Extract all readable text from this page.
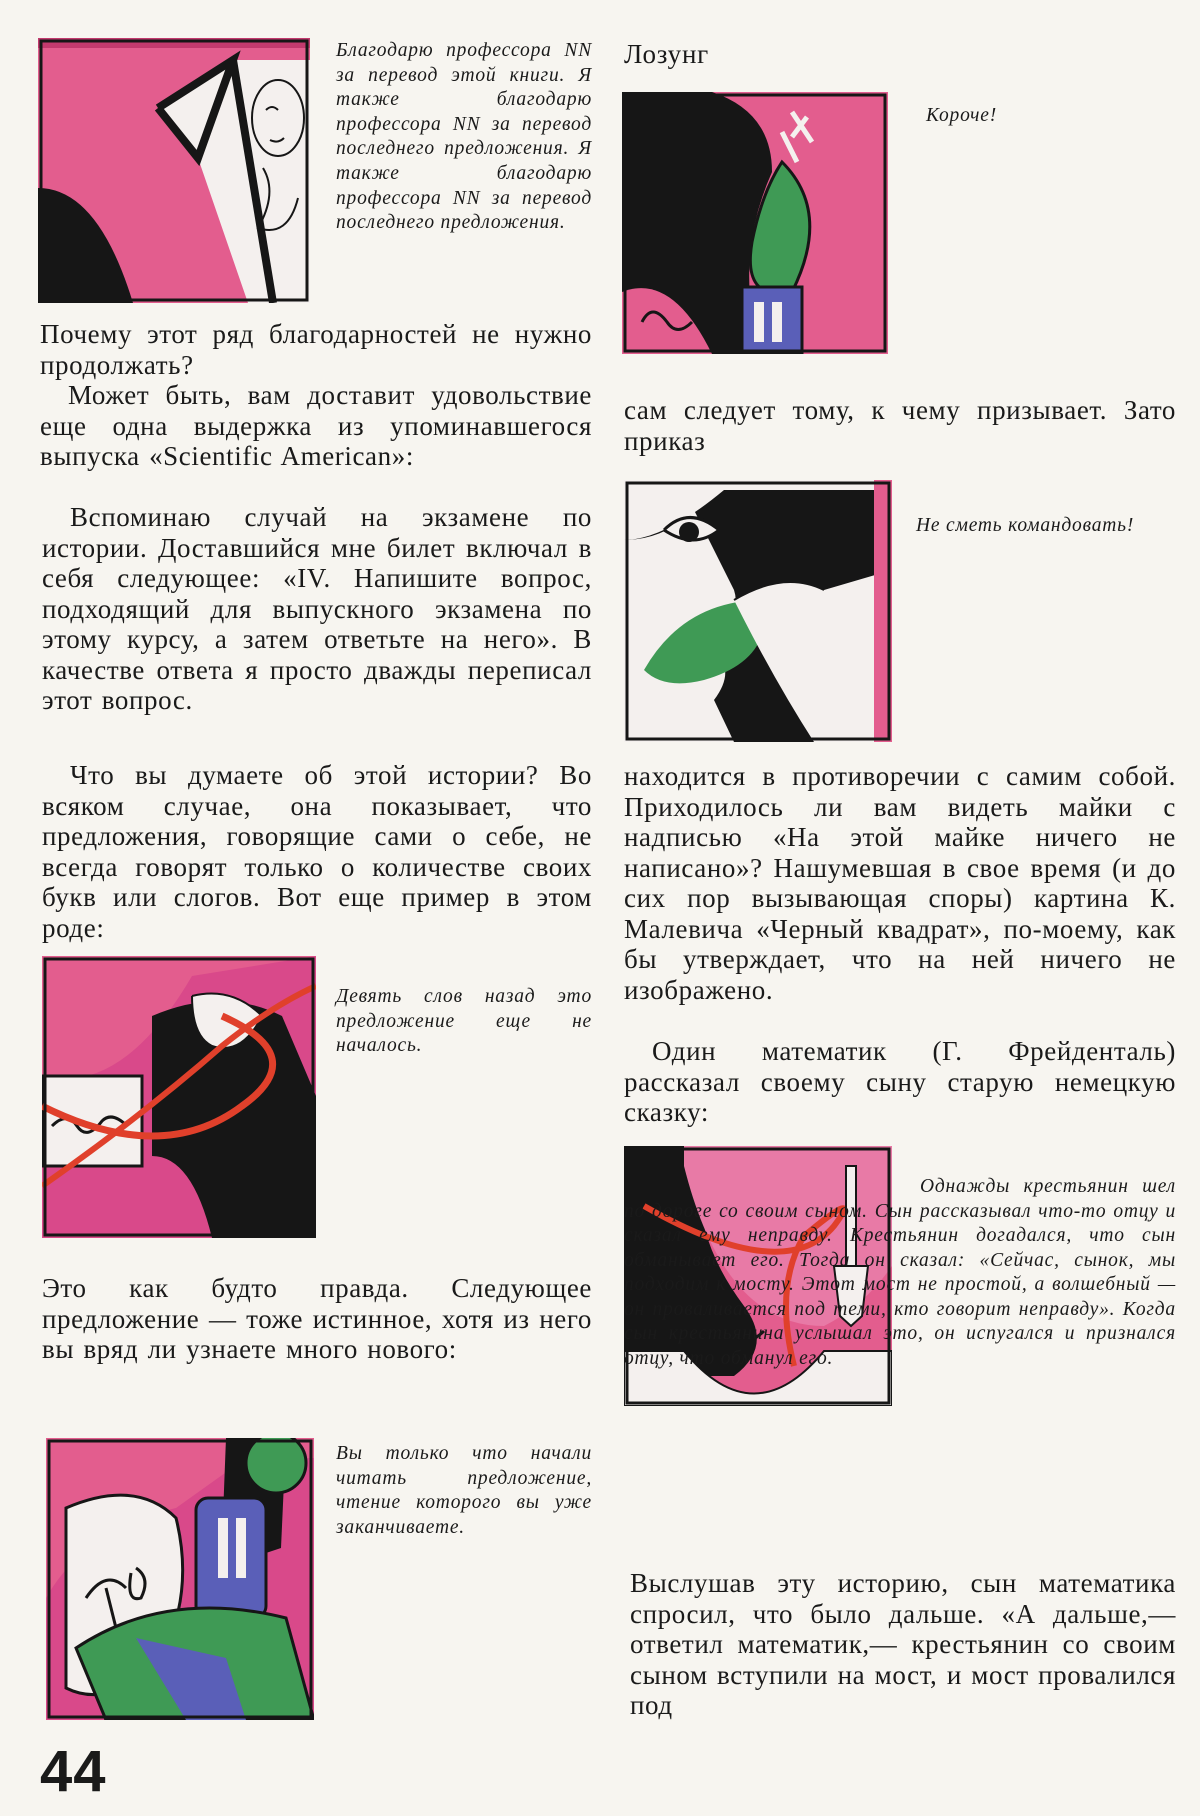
Благодарю профессора NN за перевод этой книги. Я также благодарю профессора NN за перевод последнего предложения. Я также благодарю профессора NN за перевод последнего предложения.
Почему этот ряд благодарностей не нужно продолжать?
Может быть, вам доставит удовольствие еще одна выдержка из упоминавшегося выпуска «Scientific American»:
Вспоминаю случай на экзамене по истории. Доставшийся мне билет включал в себя следующее: «IV. Напишите вопрос, подходящий для выпускного экзамена по этому курсу, а затем ответьте на него». В качестве ответа я просто дважды переписал этот вопрос.
Что вы думаете об этой истории? Во всяком случае, она показывает, что предложения, говорящие сами о себе, не всегда говорят только о количестве своих букв или слогов. Вот еще пример в этом роде:
Девять слов назад это предложение еще не началось.
Это как будто правда. Следующее предложение — тоже истинное, хотя из него вы вряд ли узнаете много нового:
Вы только что начали читать предложение, чтение которого вы уже заканчиваете.
44
Лозунг
Короче!
сам следует тому, к чему призывает. Зато приказ
Не сметь командовать!
находится в противоречии с самим собой. Приходилось ли вам видеть майки с надписью «На этой майке ничего не написано»? Нашумевшая в свое время (и до сих пор вызывающая споры) картина К. Малевича «Черный квадрат», по-моему, как бы утверждает, что на ней ничего не изображено.
Один математик (Г. Фрейденталь) рассказал своему сыну старую немецкую сказку:
Однажды крестьянин шел по дороге со своим сыном. Сын рассказывал что-то отцу и сказал ему неправду. Крестьянин догадался, что сын обманывает его. Тогда он сказал: «Сейчас, сынок, мы подходим к мосту. Этот мост не простой, а волшебный — он проваливается под теми, кто говорит неправду». Когда сын крестьянина услышал это, он испугался и признался отцу, что обманул его.
Выслушав эту историю, сын математика спросил, что было дальше. «А дальше,— ответил математик,— крестьянин со своим сыном вступили на мост, и мост провалился под
